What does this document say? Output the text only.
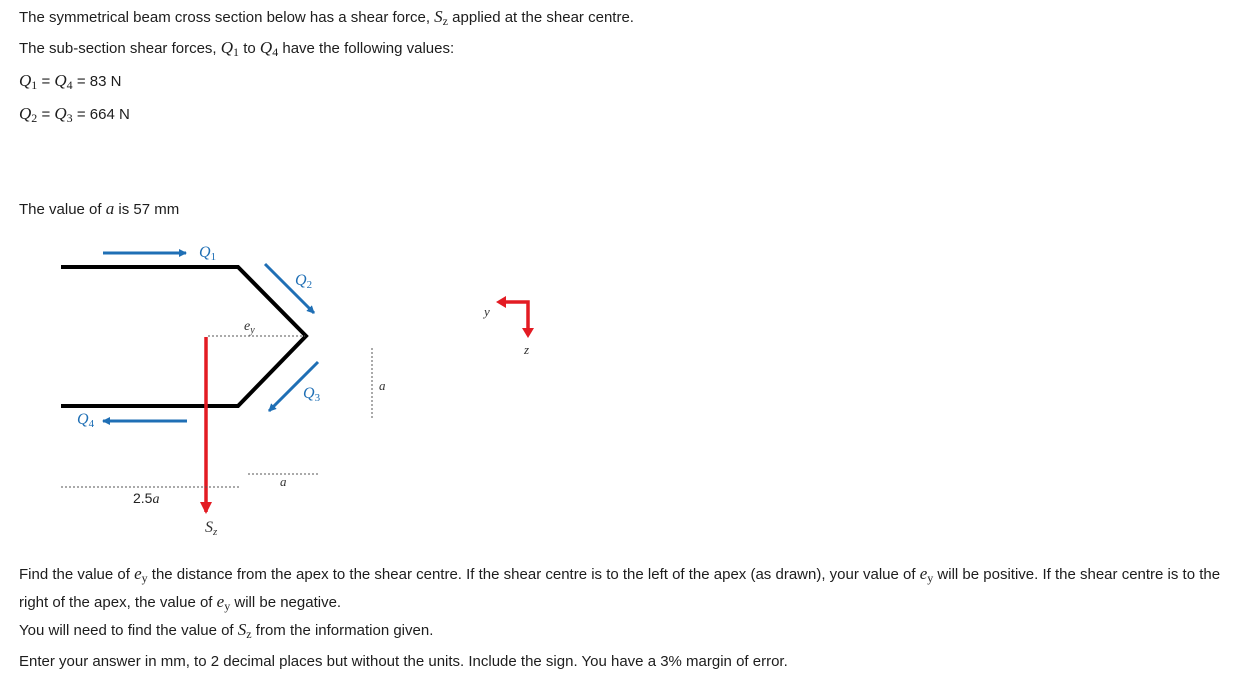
The symmetrical beam cross section below has a shear force, $S_z$ applied at the shear centre.
The sub-section shear forces, $Q_1$ to $Q_4$ have the following values:
$Q_1 = Q_4 = 83$ N
$Q_2 = Q_3 = 664$ N
The value of a is 57 mm
Q1
Q2
Q3
Q4
$e_y$
a
a
2.5a
Sz
y
z
Find the value of $e_y$ the distance from the apex to the shear centre. If the shear centre is to the left of the apex (as drawn), your value of $e_y$ will be positive. If the shear centre is to the right of the apex, the value of $e_y$ will be negative.
You will need to find the value of $S_z$ from the information given.
Enter your answer in mm, to 2 decimal places but without the units. Include the sign. You have a 3% margin of error.
